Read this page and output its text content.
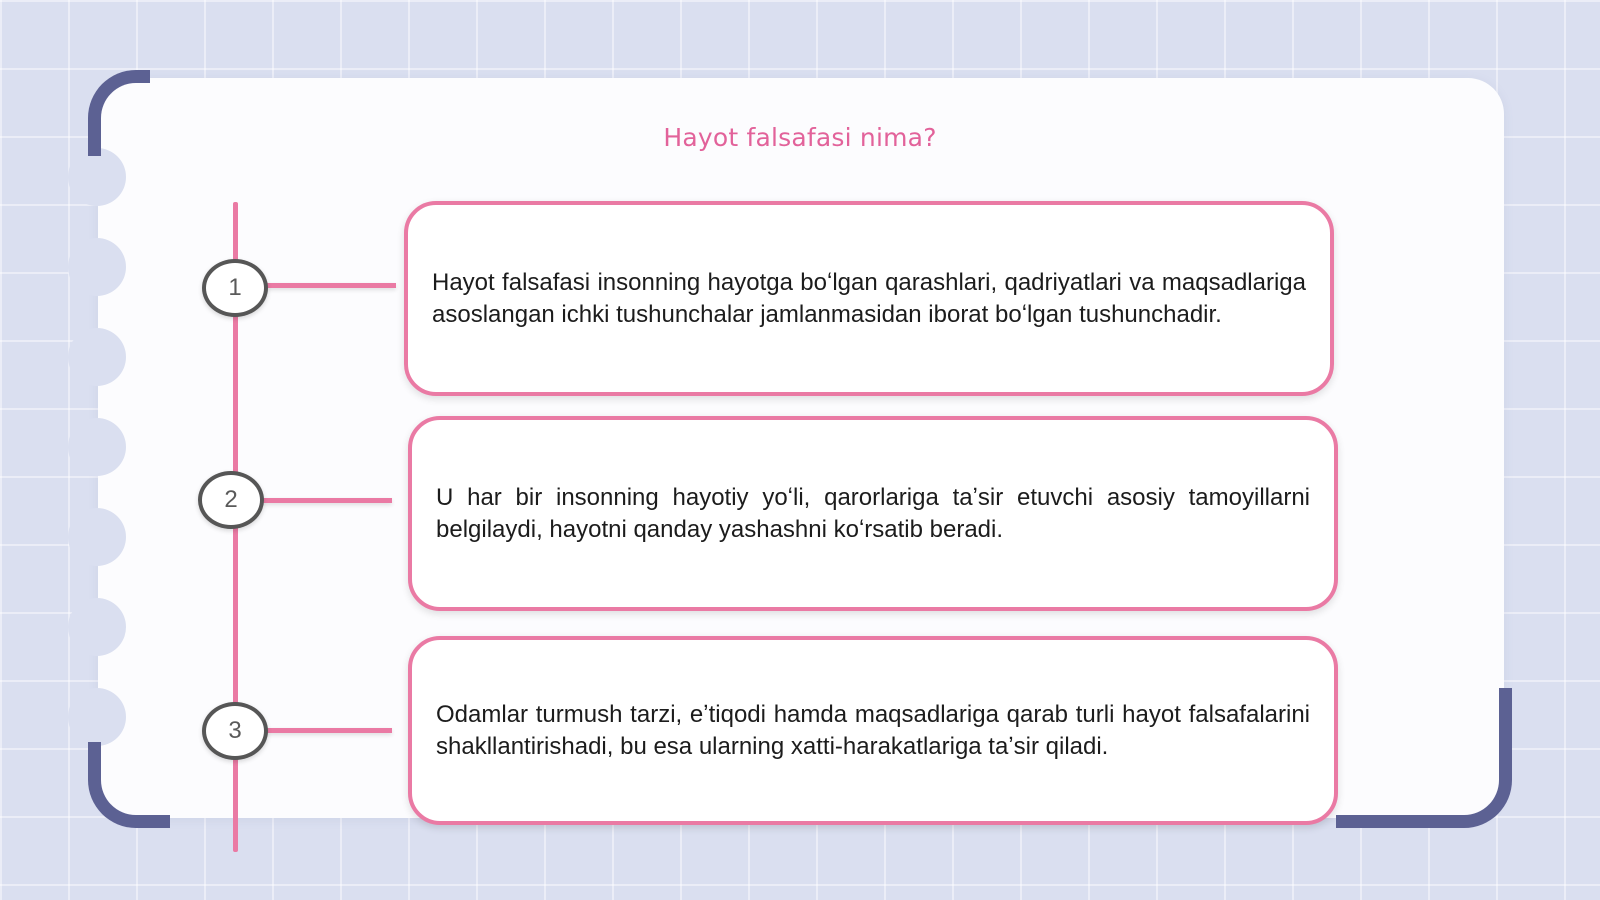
Hayot falsafasi nima?
1	Hayot falsafasi insonning hayotga boʻlgan qarashlari, qadriyatlari va maqsadlariga asoslangan ichki tushunchalar jamlanmasidan iborat boʻlgan tushunchadir.
2	U har bir insonning hayotiy yoʻli, qarorlariga taʼsir etuvchi asosiy tamoyillarni belgilaydi, hayotni qanday yashashni koʻrsatib beradi.
3
Odamlar turmush tarzi, eʼtiqodi hamda maqsadlariga qarab turli hayot falsafalarini shakllantirishadi, bu esa ularning xatti-harakatlariga taʼsir qiladi.
